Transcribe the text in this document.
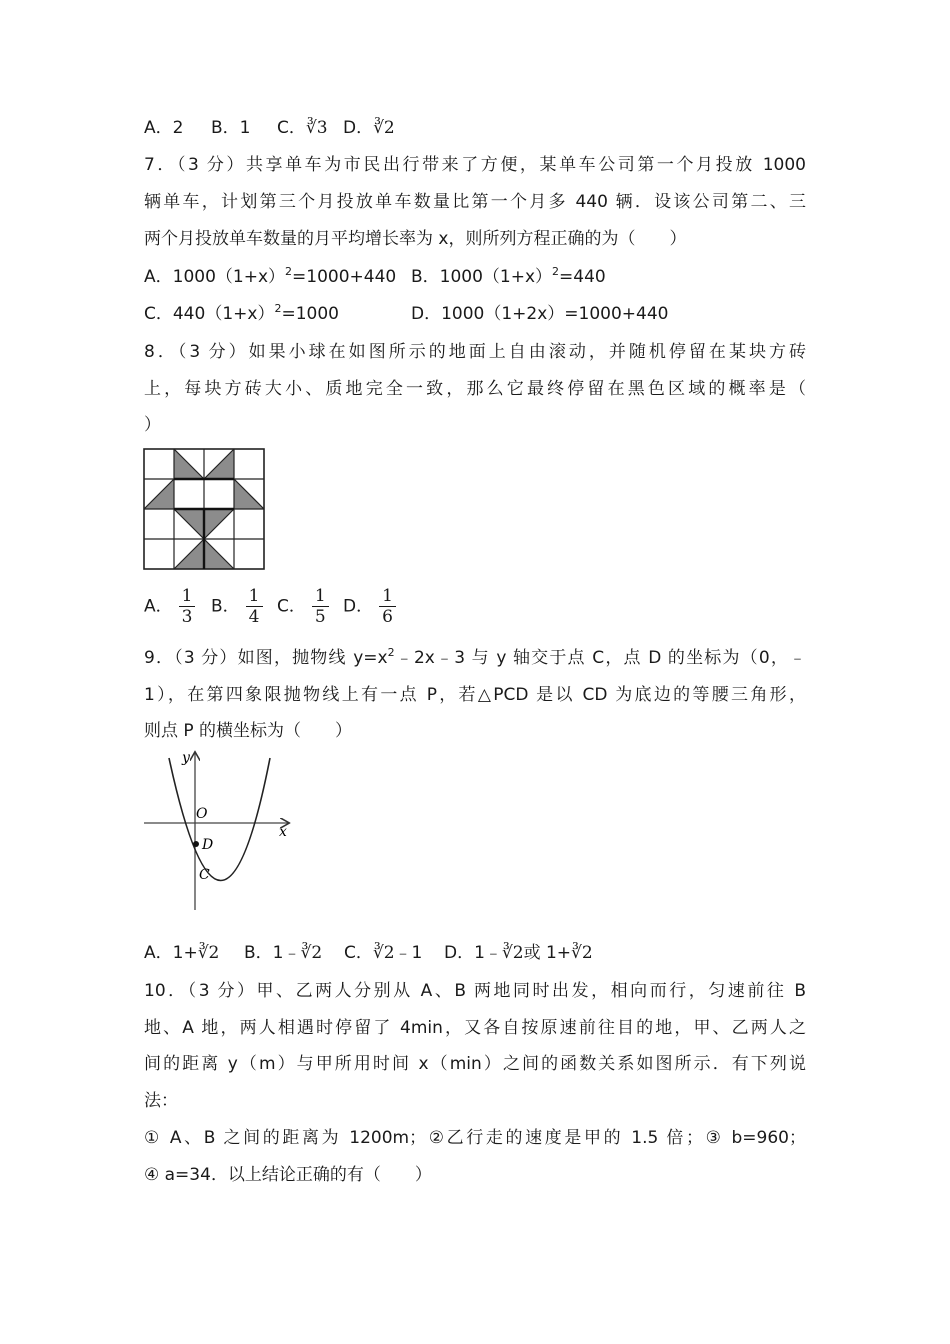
A．2 B．1 C．∛3 D．∛2
7．（3 分）共享单车为市民出行带来了方便，某单车公司第一个月投放 1000
辆单车，计划第三个月投放单车数量比第一个月多 440 辆．设该公司第二、三
两个月投放单车数量的月平均增长率为 x，则所列方程正确的为（　　）
A．$1000(1+x)^2=1000+440$ B．$1000(1+x)^2=440$
C．$440(1+x)^2=1000$	D．1000（1+2x）=1000+440
8．（3 分）如果小球在如图所示的地面上自由滚动，并随机停留在某块方砖
上，每块方砖大小、质地完全一致，那么它最终停留在黑色区域的概率是（
）
A． $\frac{1}{3}$ B． $\frac{1}{4}$ C． $\frac{1}{5}$ D． $\frac{1}{6}$
9．（3 分）如图，抛物线 $y=x^2﹣2x﹣3$ 与 y 轴交于点 C，点 D 的坐标为（0，﹣
1），在第四象限抛物线上有一点 P，若△PCD 是以 CD 为底边的等腰三角形，
则点 P 的横坐标为（　　）
y
x
O
D
C
A．1+∛2 B．1﹣∛2 C．∛2﹣1 D．1﹣∛2或 1+∛2
10．（3 分）甲、乙两人分别从 A、B 两地同时出发，相向而行，匀速前往 B
地、A 地，两人相遇时停留了 4min，又各自按原速前往目的地，甲、乙两人之
间的距离 y（m）与甲所用时间 x（min）之间的函数关系如图所示．有下列说
法：
① A、B 之间的距离为 1200m；②乙行走的速度是甲的 1.5 倍；③ b=960；
④ a=34．以上结论正确的有（　　）
